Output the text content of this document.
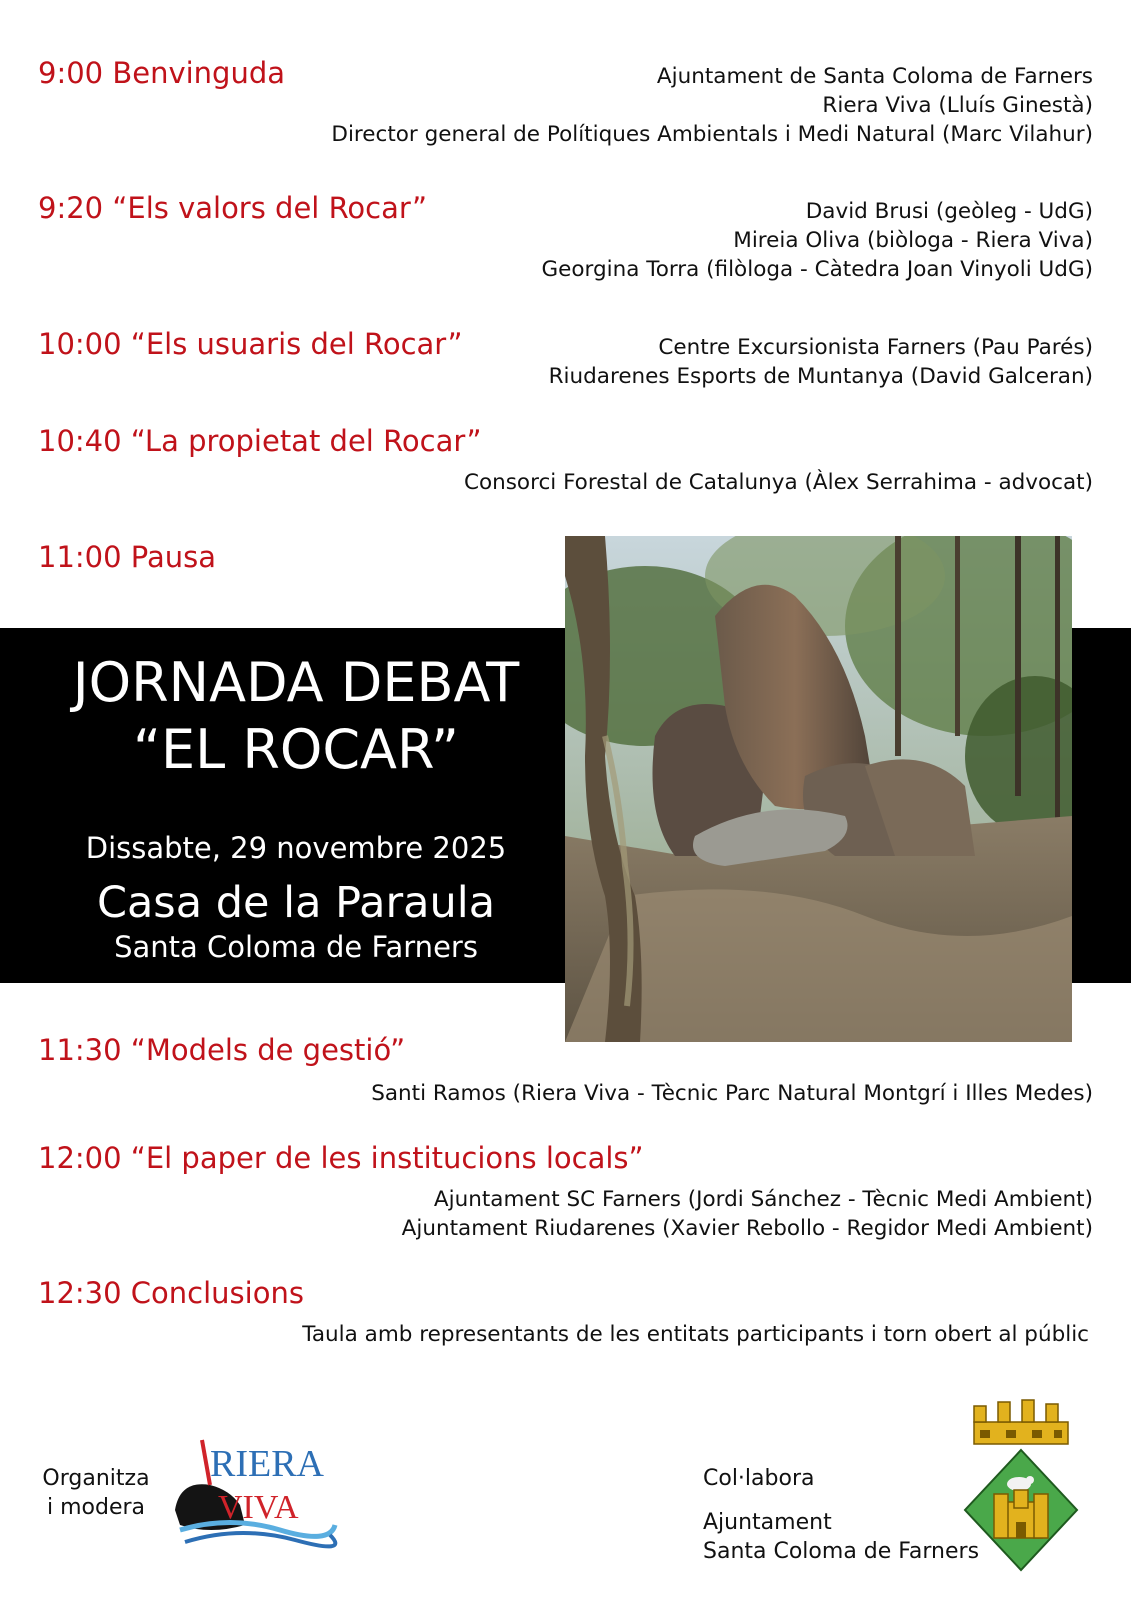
9:00 Benvinguda	Ajuntament de Santa Coloma de Farners
Riera Viva (Lluís Ginestà)
Director general de Polítiques Ambientals i Medi Natural (Marc Vilahur)
9:20 “Els valors del Rocar”	David Brusi (geòleg - UdG)
Mireia Oliva (biòloga - Riera Viva)
Georgina Torra (filòloga - Càtedra Joan Vinyoli UdG)
10:00 “Els usuaris del Rocar”	Centre Excursionista Farners (Pau Parés)
Riudarenes Esports de Muntanya (David Galceran)
10:40 “La propietat del Rocar”
Consorci Forestal de Catalunya (Àlex Serrahima - advocat)
11:00 Pausa
JORNADA DEBAT
“EL ROCAR”
Dissabte, 29 novembre 2025
Casa de la Paraula
Santa Coloma de Farners
11:30 “Models de gestió”
Santi Ramos (Riera Viva - Tècnic Parc Natural Montgrí i Illes Medes)
12:00 “El paper de les institucions locals”
Ajuntament SC Farners (Jordi Sánchez - Tècnic Medi Ambient)
Ajuntament Riudarenes (Xavier Rebollo - Regidor Medi Ambient)
12:30 Conclusions
Taula amb representants de les entitats participants i torn obert al públic
Organitza
i modera
RIERA
VIVA
Col·labora
Ajuntament
Santa Coloma de Farners
